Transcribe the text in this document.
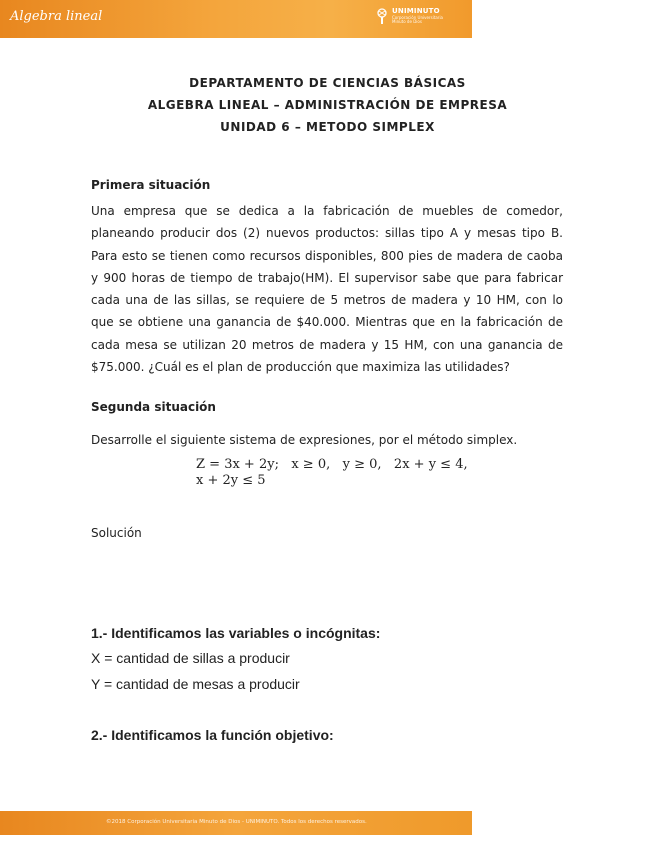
Algebra lineal	UNIMINUTO
Corporación Universitaria Minuto de Dios
DEPARTAMENTO DE CIENCIAS BÁSICAS
ALGEBRA LINEAL – ADMINISTRACIÓN DE EMPRESA
UNIDAD 6 – METODO SIMPLEX
Primera situación

Una empresa que se dedica a la fabricación de muebles de comedor, planeando producir dos (2) nuevos productos: sillas tipo A y mesas tipo B. Para esto se tienen como recursos disponibles, 800 pies de madera de caoba y 900 horas de tiempo de trabajo(HM). El supervisor sabe que para fabricar cada una de las sillas, se requiere de 5 metros de madera y 10 HM, con lo que se obtiene una ganancia de $40.000. Mientras que en la fabricación de cada mesa se utilizan 20 metros de madera y 15 HM, con una ganancia de $75.000. ¿Cuál es el plan de producción que maximiza las utilidades?

Segunda situación
Desarrolle el siguiente sistema de expresiones, por el método simplex.
Z = 3x + 2y;   x ≥ 0,   y ≥ 0,   2x + y ≤ 4,
x + 2y ≤ 5
Solución
1.- Identificamos las variables o incógnitas:
X = cantidad de sillas a producir
Y = cantidad de mesas a producir
2.- Identificamos la función objetivo:
©2018 Corporación Universitaria Minuto de Dios - UNIMINUTO. Todos los derechos reservados.
